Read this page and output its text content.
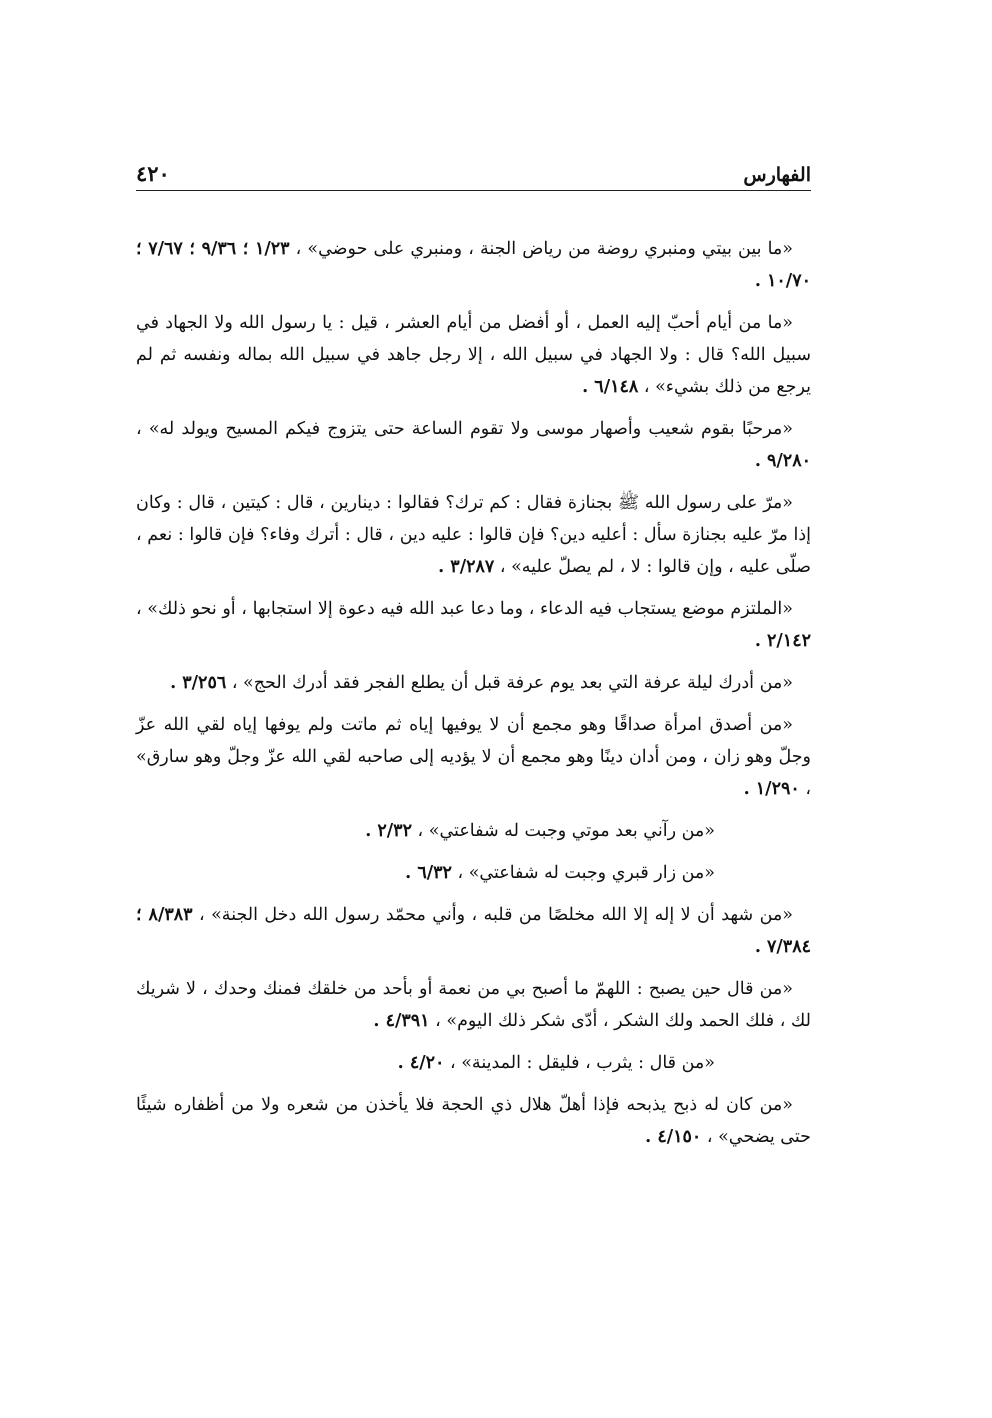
الفهارس
٤٢٠

«ما بين بيتي ومنبري روضة من رياض الجنة ، ومنبري على حوضي» ، ١/٢٣ ؛ ٩/٣٦ ؛ ٧/٦٧ ؛ ١٠/٧٠ .

«ما من أيام أحبّ إليه العمل ، أو أفضل من أيام العشر ، قيل : يا رسول الله ولا الجهاد في سبيل الله؟ قال : ولا الجهاد في سبيل الله ، إلا رجل جاهد في سبيل الله بماله ونفسه ثم لم يرجع من ذلك بشيء» ، ٦/١٤٨ .

«مرحبًا بقوم شعيب وأصهار موسى ولا تقوم الساعة حتى يتزوج فيكم المسيح ويولد له» ، ٩/٢٨٠ .

«مرّ على رسول الله ﷺ بجنازة فقال : كم ترك؟ فقالوا : دينارين ، قال : كيتين ، قال : وكان إذا مرّ عليه بجنازة سأل : أعليه دين؟ فإن قالوا : عليه دين ، قال : أترك وفاء؟ فإن قالوا : نعم ، صلّى عليه ، وإن قالوا : لا ، لم يصلّ عليه» ، ٣/٢٨٧ .

«الملتزم موضع يستجاب فيه الدعاء ، وما دعا عبد الله فيه دعوة إلا استجابها ، أو نحو ذلك» ، ٢/١٤٢ .

«من أدرك ليلة عرفة التي بعد يوم عرفة قبل أن يطلع الفجر فقد أدرك الحج» ، ٣/٢٥٦ .

«من أصدق امرأة صداقًا وهو مجمع أن لا يوفيها إياه ثم ماتت ولم يوفها إياه لقي الله عزّ وجلّ وهو زان ، ومن أدان دينًا وهو مجمع أن لا يؤديه إلى صاحبه لقي الله عزّ وجلّ وهو سارق» ، ١/٢٩٠ .

«من رآني بعد موتي وجبت له شفاعتي» ، ٢/٣٢ .

«من زار قبري وجبت له شفاعتي» ، ٦/٣٢ .

«من شهد أن لا إله إلا الله مخلصًا من قلبه ، وأني محمّد رسول الله دخل الجنة» ، ٨/٣٨٣ ؛ ٧/٣٨٤ .

«من قال حين يصبح : اللهمّ ما أصبح بي من نعمة أو بأحد من خلقك فمنك وحدك ، لا شريك لك ، فلك الحمد ولك الشكر ، أدّى شكر ذلك اليوم» ، ٤/٣٩١ .

«من قال : يثرب ، فليقل : المدينة» ، ٤/٢٠ .

«من كان له ذبح يذبحه فإذا أهلّ هلال ذي الحجة فلا يأخذن من شعره ولا من أظفاره شيئًا حتى يضحي» ، ٤/١٥٠ .
